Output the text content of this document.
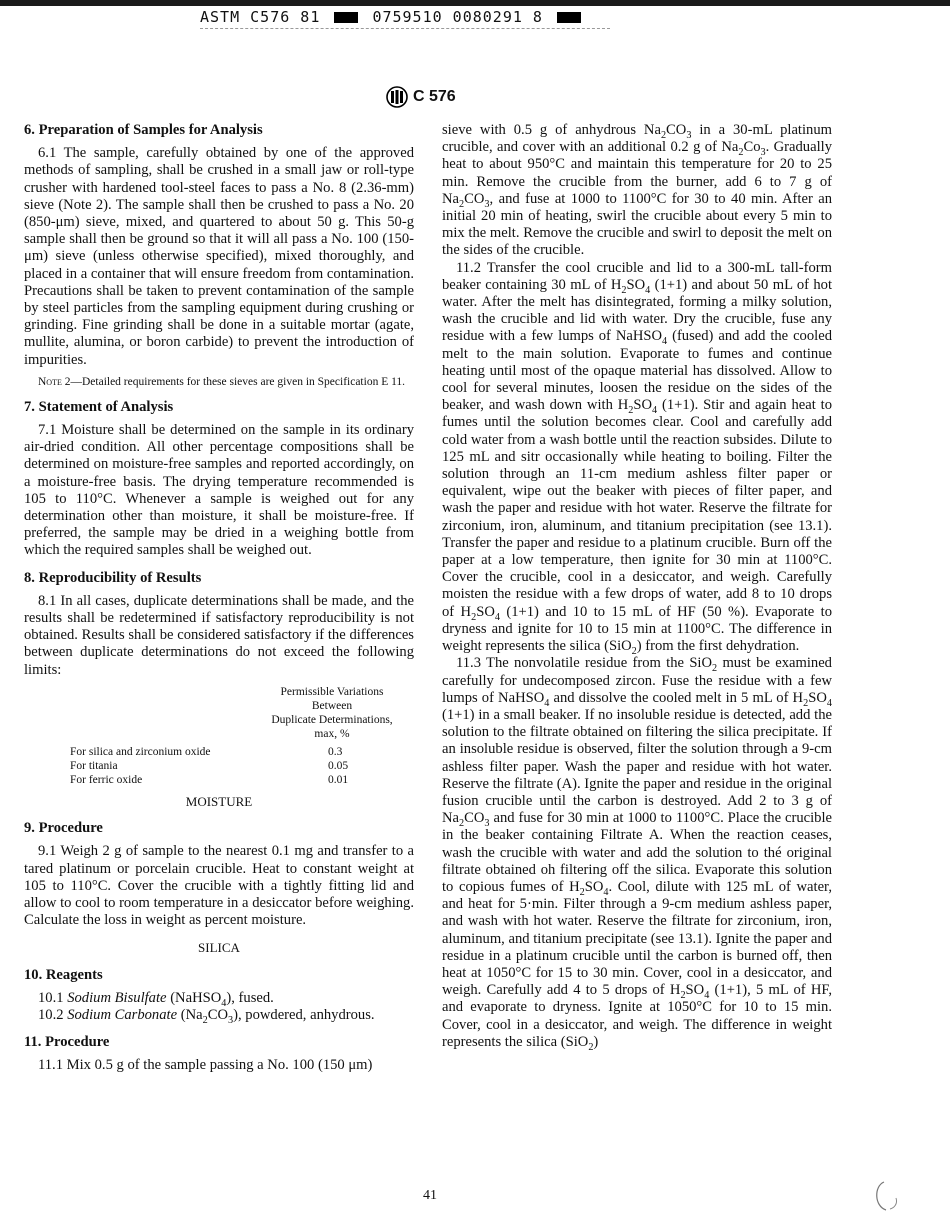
ASTM C576 81	0759510 0080291 8
C 576
6. Preparation of Samples for Analysis

6.1 The sample, carefully obtained by one of the approved methods of sampling, shall be crushed in a small jaw or roll-type crusher with hardened tool-steel faces to pass a No. 8 (2.36-mm) sieve (Note 2). The sample shall then be crushed to pass a No. 20 (850-μm) sieve, mixed, and quartered to about 50 g. This 50-g sample shall then be ground so that it will all pass a No. 100 (150-μm) sieve (unless otherwise specified), mixed thoroughly, and placed in a container that will ensure freedom from contamination. Precautions shall be taken to prevent contamination of the sample by steel particles from the sampling equipment during crushing or grinding. Fine grinding shall be done in a suitable mortar (agate, mullite, alumina, or boron carbide) to prevent the introduction of impurities.

Note 2—Detailed requirements for these sieves are given in Specification E 11.

7. Statement of Analysis

7.1 Moisture shall be determined on the sample in its ordinary air-dried condition. All other percentage compositions shall be determined on moisture-free samples and reported accordingly, on a moisture-free basis. The drying temperature recommended is 105 to 110°C. Whenever a sample is weighed out for any determination other than moisture, it shall be moisture-free. If preferred, the sample may be dried in a weighing bottle from which the required samples shall be weighed out.

8. Reproducibility of Results

8.1 In all cases, duplicate determinations shall be made, and the results shall be redetermined if satisfactory reproducibility is not obtained. Results shall be considered satisfactory if the differences between duplicate determinations do not exceed the following limits:

Permissible Variations Between
Duplicate Determinations,
max, %
For silica and zirconium oxide	0.3
For titania	0.05
For ferric oxide	0.01
MOISTURE
9. Procedure

9.1 Weigh 2 g of sample to the nearest 0.1 mg and transfer to a tared platinum or porcelain crucible. Heat to constant weight at 105 to 110°C. Cover the crucible with a tightly fitting lid and allow to cool to room temperature in a desiccator before weighing. Calculate the loss in weight as percent moisture.

SILICA
10. Reagents

10.1 Sodium Bisulfate (NaHSO$_4$), fused.

10.2 Sodium Carbonate $(Na_2CO_3)$, powdered, anhydrous.

11. Procedure

11.1 Mix 0.5 g of the sample passing a No. 100 (150 μm)

sieve with 0.5 g of anhydrous $Na_2CO_3$ in a 30-mL platinum crucible, and cover with an additional 0.2 g of $Na_2Co_3$. Gradually heat to about 950°C and maintain this temperature for 20 to 25 min. Remove the crucible from the burner, add 6 to 7 g of $Na_2CO_3$, and fuse at 1000 to 1100°C for 30 to 40 min. After an initial 20 min of heating, swirl the crucible about every 5 min to mix the melt. Remove the crucible and swirl to deposit the melt on the sides of the crucible.

11.2 Transfer the cool crucible and lid to a 300-mL tall-form beaker containing 30 mL of $H_2SO_4$ (1+1) and about 50 mL of hot water. After the melt has disintegrated, forming a milky solution, wash the crucible and lid with water. Dry the crucible, fuse any residue with a few lumps of NaHSO$_4$ (fused) and add the cooled melt to the main solution. Evaporate to fumes and continue heating until most of the opaque material has dissolved. Allow to cool for several minutes, loosen the residue on the sides of the beaker, and wash down with $H_2SO_4$ (1+1). Stir and again heat to fumes until the solution becomes clear. Cool and carefully add cold water from a wash bottle until the reaction subsides. Dilute to 125 mL and sitr occasionally while heating to boiling. Filter the solution through an 11-cm medium ashless filter paper or equivalent, wipe out the beaker with pieces of filter paper, and wash the paper and residue with hot water. Reserve the filtrate for zirconium, iron, aluminum, and titanium precipitation (see 13.1). Transfer the paper and residue to a platinum crucible. Burn off the paper at a low temperature, then ignite for 30 min at 1100°C. Cover the crucible, cool in a desiccator, and weigh. Carefully moisten the residue with a few drops of water, add 8 to 10 drops of $H_2SO_4$ (1+1) and 10 to 15 mL of HF (50 %). Evaporate to dryness and ignite for 10 to 15 min at 1100°C. The difference in weight represents the silica (SiO$_2$) from the first dehydration.

11.3 The nonvolatile residue from the SiO$_2$ must be examined carefully for undecomposed zircon. Fuse the residue with a few lumps of NaHSO$_4$ and dissolve the cooled melt in 5 mL of $H_2SO_4$ (1+1) in a small beaker. If no insoluble residue is detected, add the solution to the filtrate obtained on filtering the silica precipitate. If an insoluble residue is observed, filter the solution through a 9-cm ashless filter paper. Wash the paper and residue with hot water. Reserve the filtrate (A). Ignite the paper and residue in the original fusion crucible until the carbon is destroyed. Add 2 to 3 g of $Na_2CO_3$ and fuse for 30 min at 1000 to 1100°C. Place the crucible in the beaker containing Filtrate A. When the reaction ceases, wash the crucible with water and add the solution to thé original filtrate obtained oh filtering off the silica. Evaporate this solution to copious fumes of $H_2SO_4$. Cool, dilute with 125 mL of water, and heat for 5·min. Filter through a 9-cm medium ashless paper, and wash with hot water. Reserve the filtrate for zirconium, iron, aluminum, and titanium precipitate (see 13.1). Ignite the paper and residue in a platinum crucible until the carbon is burned off, then heat at 1050°C for 15 to 30 min. Cover, cool in a desiccator, and weigh. Carefully add 4 to 5 drops of $H_2SO_4$ (1+1), 5 mL of HF, and evaporate to dryness. Ignite at 1050°C for 10 to 15 min. Cover, cool in a desiccator, and weigh. The difference in weight represents the silica (SiO$_2$)

41
